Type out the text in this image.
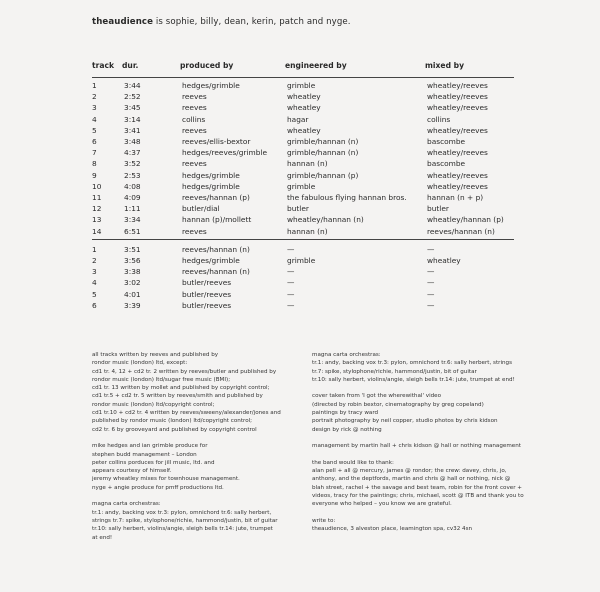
theaudience is sophie, billy, dean, kerin, patch and nyge.
track	dur.	produced by	engineered by	mixed by
1	3:44	hedges/grimble	grimble	wheatley/reeves
2	2:52	reeves	wheatley	wheatley/reeves
3	3:45	reeves	wheatley	wheatley/reeves
4	3:14	collins	hagar	collins
5	3:41	reeves	wheatley	wheatley/reeves
6	3:48	reeves/ellis-bextor	grimble/hannan (n)	bascombe
7	4:37	hedges/reeves/grimble	grimble/hannan (n)	wheatley/reeves
8	3:52	reeves	hannan (n)	bascombe
9	2:53	hedges/grimble	grimble/hannan (p)	wheatley/reeves
10	4:08	hedges/grimble	grimble	wheatley/reeves
11	4:09	reeves/hannan (p)	the fabulous flying hannan bros.	hannan (n + p)
12	1:11	butler/dial	butler	butler
13	3:34	hannan (p)/mollett	wheatley/hannan (n)	wheatley/hannan (p)
14	6:51	reeves	hannan (n)	reeves/hannan (n)
1	3:51	reeves/hannan (n)	—	—
2	3:56	hedges/grimble	grimble	wheatley
3	3:38	reeves/hannan (n)	—	—
4	3:02	butler/reeves	—	—
5	4:01	butler/reeves	—	—
6	3:39	butler/reeves	—	—
all tracks written by reeves and published by
rondor music (london) ltd, except:
cd1 tr. 4, 12 + cd2 tr. 2 written by reeves/butler and published by
rondor music (london) ltd/sugar free music (BMI);
cd1 tr. 13 written by mollet and published by copyright control;
cd1 tr.5 + cd2 tr. 5 written by reeves/smith and published by
rondor music (london) ltd/copyright control;
cd1 tr.10 + cd2 tr. 4 written by reeves/sweeny/alexander/jones and
published by rondor music (london) ltd/copyright control;
cd2 tr. 6 by grooveyard and published by copyright control
mike hedges and ian grimble produce for
stephen budd management – London
peter collins porduces for jill music, ltd. and
appears courtesy of himself.
jeremy wheatley mixes for townhouse management.
nyge + angie produce for pmff productions ltd.
magna carta orchestras:
tr.1: andy, backing vox tr.3: pylon, omnichord tr.6: sally herbert,
strings tr.7: spike, stylophone/richie, hammond/justin, bit of guitar
tr.10: sally herbert, violins/angie, sleigh bells tr.14: jute, trumpet
at end!
magna carta orchestras:
tr.1: andy, backing vox tr.3: pylon, omnichord tr.6: sally herbert, strings
tr.7: spike, stylophone/richie, hammond/justin, bit of guitar
tr.10: sally herbert, violins/angie, sleigh bells tr.14: jute, trumpet at end!
cover taken from 'I got the wherewithal' video
(directed by robin bextor, cinematography by greg copeland)
paintings by tracy ward
portrait photography by neil copper, studio photos by chris kidson
design by rick @ nothing
management by martin hall + chris kidson @ hall or nothing management
the band would like to thank:
alan pell + all @ mercury, james @ rondor; the crew: davey, chris, jo,
anthony, and the deptfords, martin and chris @ hall or nothing, nick @
blah street, rachel + the savage and best team, robin for the front cover +
videos, tracy for the paintings; chris, michael, scott @ ITB and thank you to
everyone who helped – you know we are grateful.
write to:
theaudience, 3 alveston place, leamington spa, cv32 4sn
